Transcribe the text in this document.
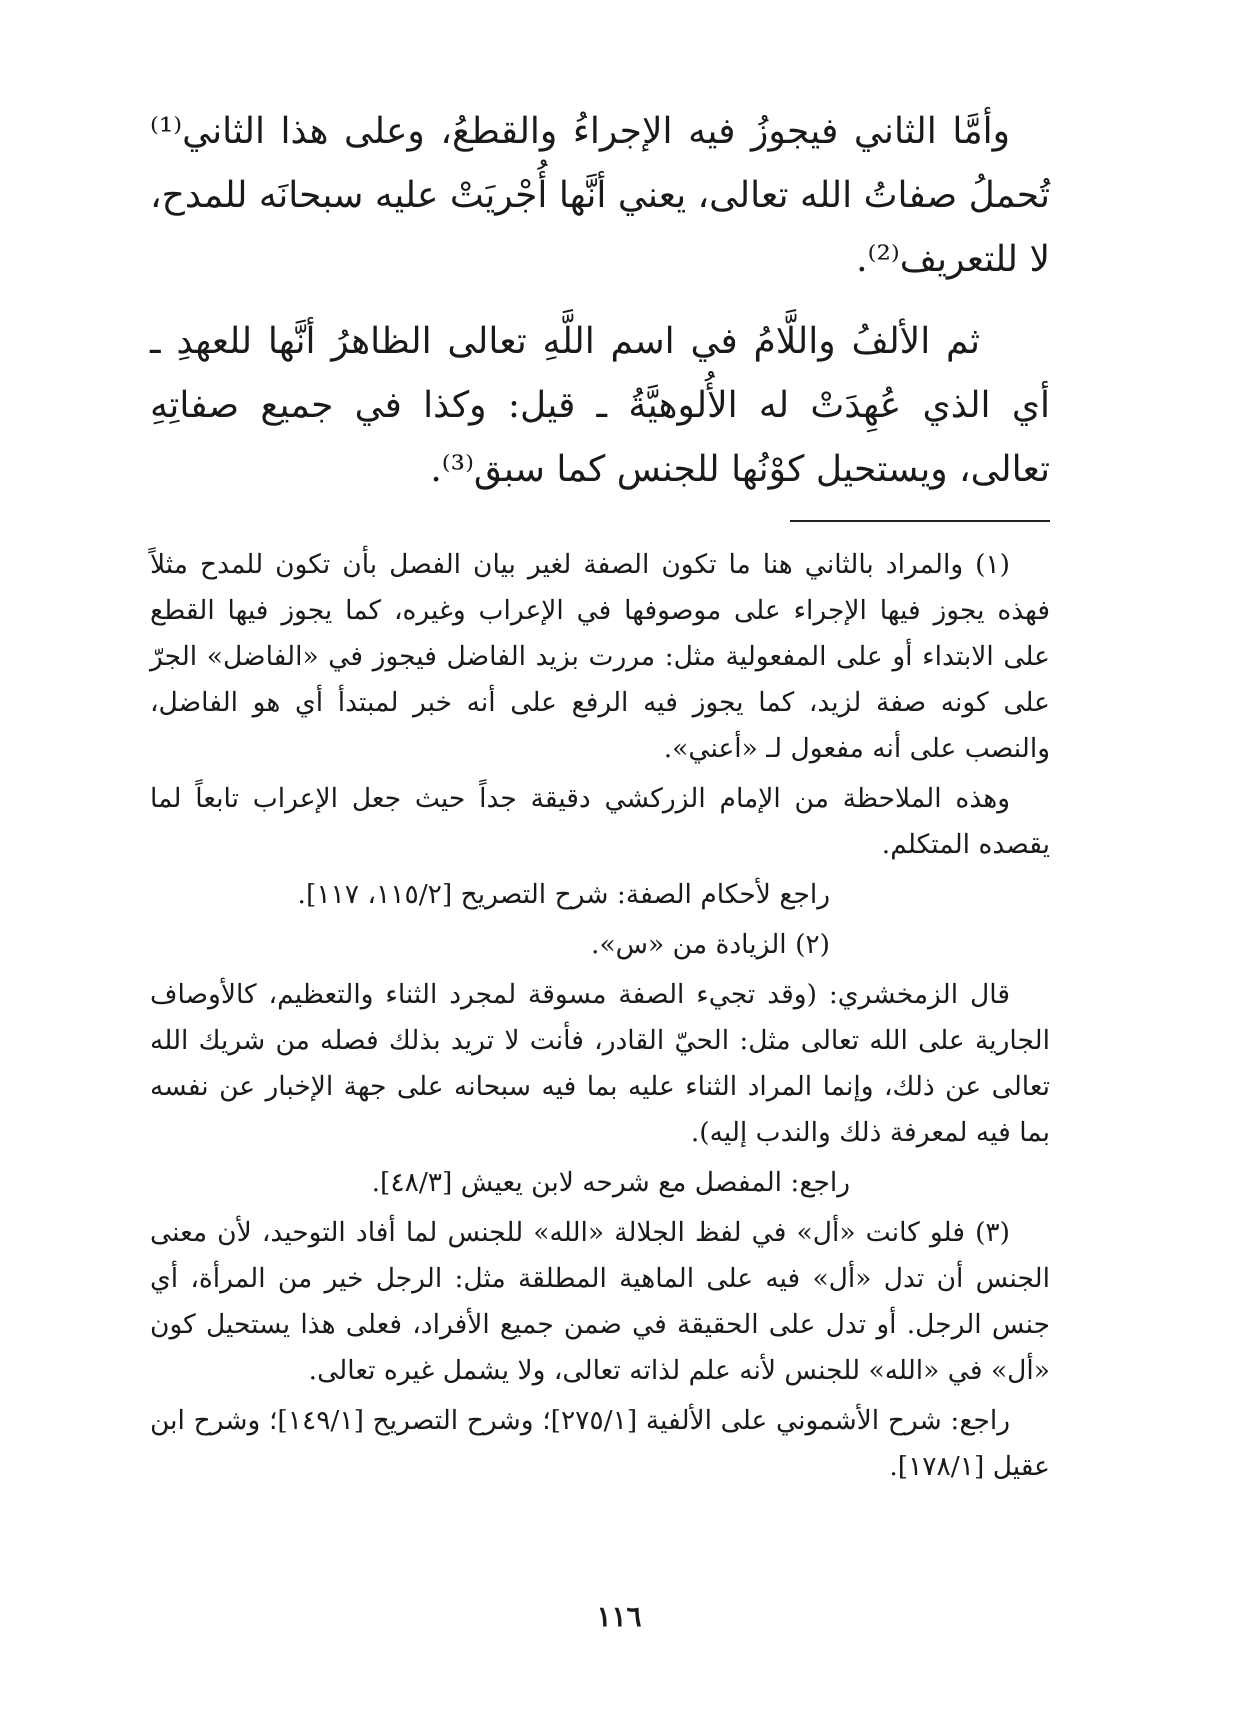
وأمَّا الثاني فيجوزُ فيه الإجراءُ والقطعُ، وعلى هذا الثاني⁽¹⁾ تُحملُ صفاتُ الله تعالى، يعني أنَّها أُجْريَتْ عليه سبحانَه للمدح، لا للتعريف⁽²⁾.

ثم الألفُ واللَّامُ في اسم اللَّهِ تعالى الظاهرُ أنَّها للعهدِ ـ أي الذي عُهِدَتْ له الأُلوهيَّةُ ـ قيل: وكذا في جميع صفاتِهِ تعالى، ويستحيل كوْنُها للجنس كما سبق⁽³⁾.

(١) والمراد بالثاني هنا ما تكون الصفة لغير بيان الفصل بأن تكون للمدح مثلاً فهذه يجوز فيها الإجراء على موصوفها في الإعراب وغيره، كما يجوز فيها القطع على الابتداء أو على المفعولية مثل: مررت بزيد الفاضل فيجوز في «الفاضل» الجرّ على كونه صفة لزيد، كما يجوز فيه الرفع على أنه خبر لمبتدأ أي هو الفاضل، والنصب على أنه مفعول لـ «أعني».

وهذه الملاحظة من الإمام الزركشي دقيقة جداً حيث جعل الإعراب تابعاً لما يقصده المتكلم.

راجع لأحكام الصفة: شرح التصريح [١١٥/٢، ١١٧].

(٢) الزيادة من «س».

قال الزمخشري: (وقد تجيء الصفة مسوقة لمجرد الثناء والتعظيم، كالأوصاف الجارية على الله تعالى مثل: الحيّ القادر، فأنت لا تريد بذلك فصله من شريك الله تعالى عن ذلك، وإنما المراد الثناء عليه بما فيه سبحانه على جهة الإخبار عن نفسه بما فيه لمعرفة ذلك والندب إليه).

راجع: المفصل مع شرحه لابن يعيش [٤٨/٣].

(٣) فلو كانت «أل» في لفظ الجلالة «الله» للجنس لما أفاد التوحيد، لأن معنى الجنس أن تدل «أل» فيه على الماهية المطلقة مثل: الرجل خير من المرأة، أي جنس الرجل. أو تدل على الحقيقة في ضمن جميع الأفراد، فعلى هذا يستحيل كون «أل» في «الله» للجنس لأنه علم لذاته تعالى، ولا يشمل غيره تعالى.

راجع: شرح الأشموني على الألفية [٢٧٥/١]؛ وشرح التصريح [١٤٩/١]؛ وشرح ابن عقيل [١٧٨/١].

١١٦
